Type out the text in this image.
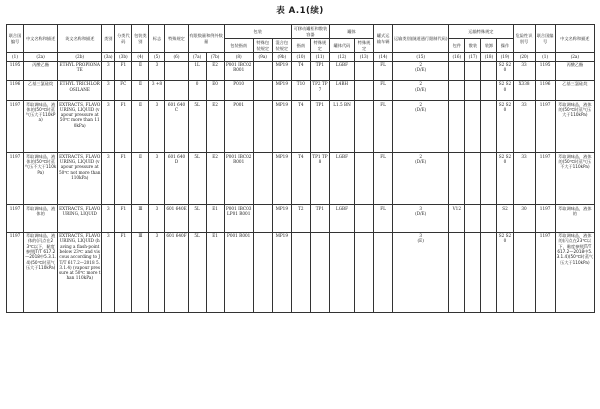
表 A.1(续)
联合国编号	中文名称和描述	英文名称和描述	类别	分类代码	包装类别	标志	特殊规定	有限数量和例外数量		包装			可移动罐柜和散装容器		罐体		罐式运输车辆	运输类别(隧道通行限制代码)	运输特殊规定				危险性识别号	联合国编号	中文名称和描述
										包装指南	特殊包装规定	混合包装规定	指南	特殊规定	罐体代码	特殊规定			包件	散装	装卸	操作			
(1)	(2a)	(2b)	(3a)	(3b)	(4)	(5)	(6)	(7a)	(7b)	(8)	(9a)	(9b)	(10)	(11)	(12)	(13)	(14)	(15)	(16)	(17)	(18)	(19)	(20)	(1)	(2a)
1195	丙酸乙酯	ETHYL PROPIONATE	3	F1	Ⅱ	3		1L	E2	P001 IBC02 R001		MP19	T4	TP1	LGBF		FL	2
(D/E)				S2 S20	33	1195	丙酸乙酯
1196	乙基三氯硅烷	ETHYL TRICHLOROSILANE	3	FC	Ⅱ	3 +8		0	E0	P010		MP19	T10	TP2 TP7	L4BH		FL	2
(D/E)				S2 S20	X338	1196	乙基三氯硅烷
1197	萃取调味品，液体的(50℃时蒸气压大于110kPa)	EXTRACTS, FLAVOURING, LIQUID (vapour pressure at 50℃ more than 110kPa)	3	F1	Ⅱ	3	601 640C	5L	E2	P001		MP19	T4	TP1	L1.5 BN		FL	2
(D/E)				S2 S20	33	1197	萃取调味品，液体的(50℃时蒸气压大于110kPa)
1197	萃取调味品，液体的(50℃时蒸气压不大于110kPa)	EXTRACTS, FLAVOURING, LIQUID (vapour pressure at 50℃ not more than 110kPa)	3	F1	Ⅱ	3	601 640D	5L	E2	P001 IBC02 R001		MP19	T4	TP1 TP8	LGBF		FL	2
(D/E)				S2 S20	33	1197	萃取调味品，液体的(50℃时蒸气压不大于110kPa)
1197	萃取调味品，液体的	EXTRACTS, FLAVOURING, LIQUID	3	F1	Ⅲ	3	601 640E	5L	E1	P001 IBC03 LP01 R001		MP19	T2	TP1	LGBF		FL	3
(D/E)	V12			S2	30	1197	萃取调味品，液体的
1197	萃取调味品，液体的(闪点在23℃以下，黏度参照JT/T 617.2—2018中5.3.1.4)(50℃时蒸气压大于110kPa)	EXTRACTS, FLAVOURING, LIQUID (having a flash-point below 23℃ and viscous according to JT/T 617.2—2018 5.3.1.4) (vapour pressure at 50℃ more than 110kPa)	3	F1	Ⅲ	3	601 640F	5L	E1	P001 R001		MP19						3
(E)				S2 S20		1197	萃取调味品，液体的(闪点在23℃以下，黏度参照JT/T 617.2—2018中5.3.1.4)(50℃时蒸气压大于110kPa)
